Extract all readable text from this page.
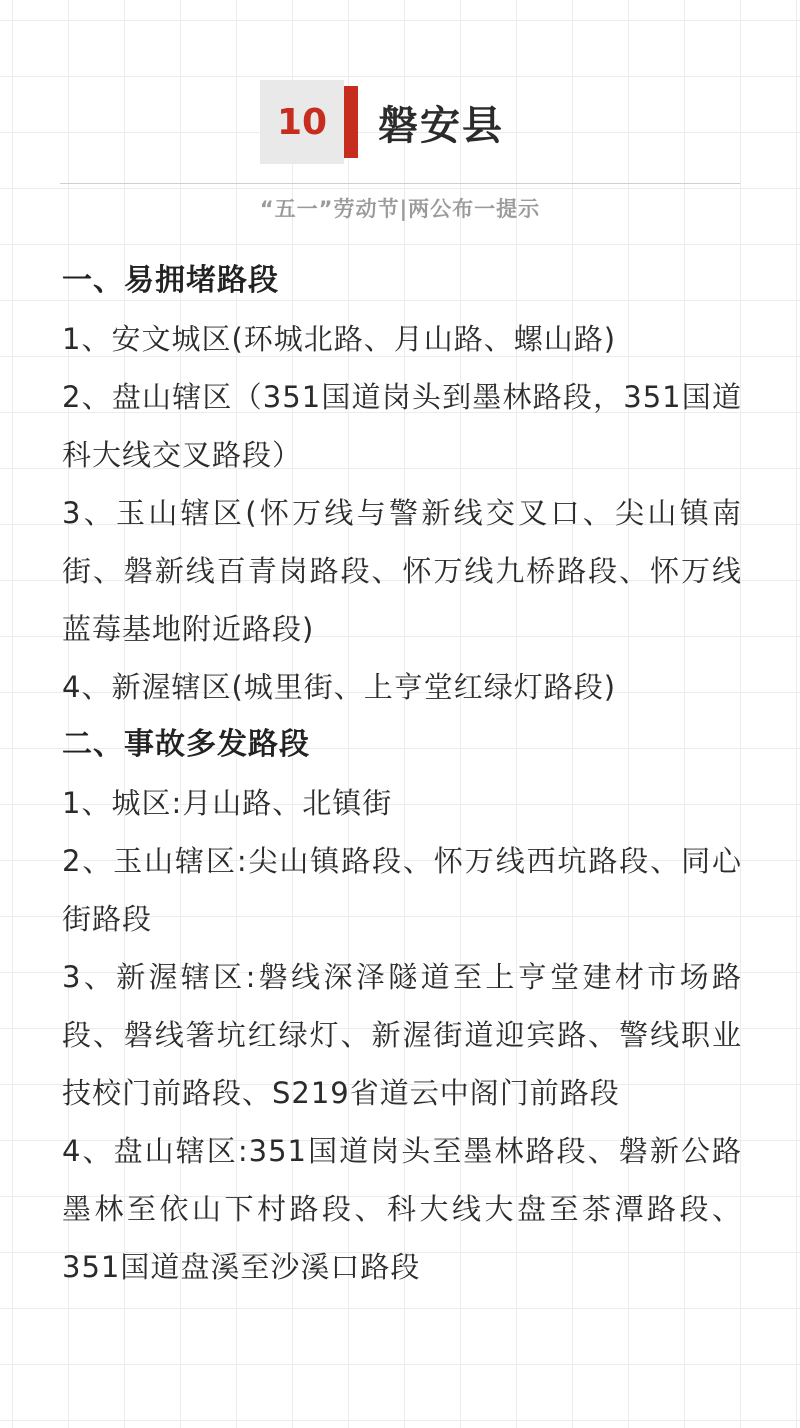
10	磐安县
“五一”劳动节|两公布一提示
一、易拥堵路段
1、安文城区(环城北路、月山路、螺山路)
2、盘山辖区（351国道岗头到墨林路段，351国道科大线交叉路段）
3、玉山辖区(怀万线与警新线交叉口、尖山镇南街、磐新线百青岗路段、怀万线九桥路段、怀万线蓝莓基地附近路段)
4、新渥辖区(城里街、上亨堂红绿灯路段)
二、事故多发路段
1、城区:月山路、北镇街
2、玉山辖区:尖山镇路段、怀万线西坑路段、同心街路段
3、新渥辖区:磐线深泽隧道至上亨堂建材市场路段、磐线箸坑红绿灯、新渥街道迎宾路、警线职业技校门前路段、S219省道云中阁门前路段
4、盘山辖区:351国道岗头至墨林路段、磐新公路墨林至依山下村路段、科大线大盘至茶潭路段、351国道盘溪至沙溪口路段
